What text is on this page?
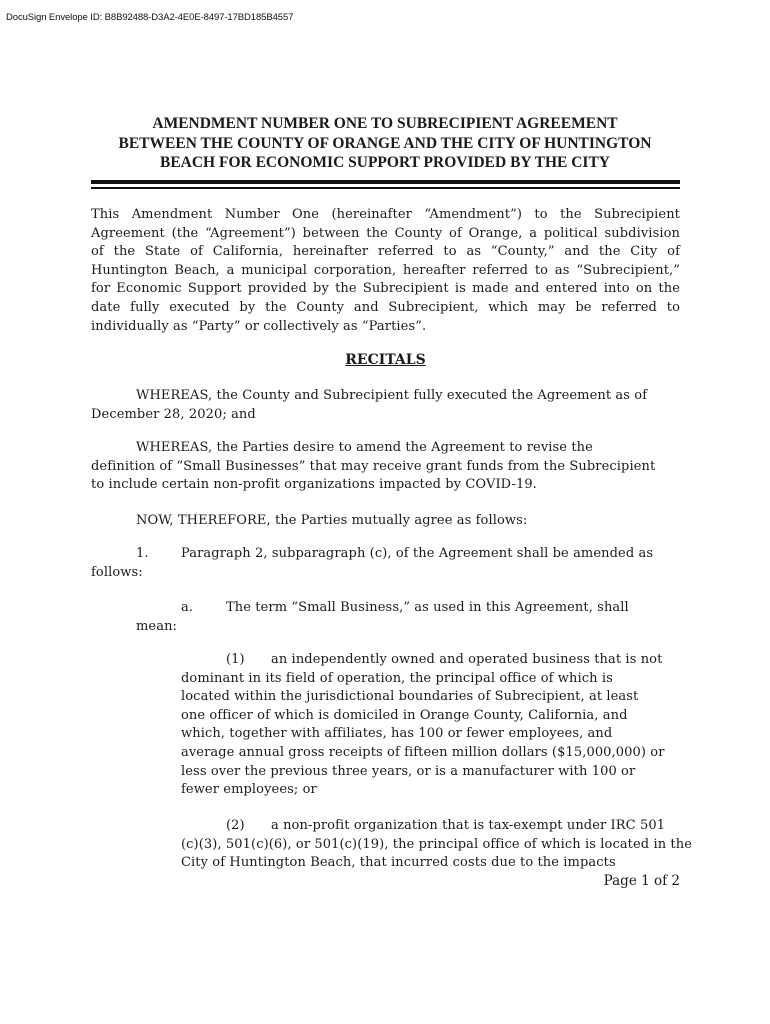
DocuSign Envelope ID: B8B92488-D3A2-4E0E-8497-17BD185B4557
AMENDMENT NUMBER ONE TO SUBRECIPIENT AGREEMENT
BETWEEN THE COUNTY OF ORANGE AND THE CITY OF HUNTINGTON
BEACH FOR ECONOMIC SUPPORT PROVIDED BY THE CITY
This Amendment Number One (hereinafter “Amendment”) to the Subrecipient
Agreement (the “Agreement”) between the County of Orange, a political subdivision
of the State of California, hereinafter referred to as “County,” and the City of
Huntington Beach, a municipal corporation, hereafter referred to as “Subrecipient,”
for Economic Support provided by the Subrecipient is made and entered into on the
date fully executed by the County and Subrecipient, which may be referred to
individually as “Party” or collectively as “Parties”.
RECITALS
WHEREAS, the County and Subrecipient fully executed the Agreement as of
December 28, 2020; and
WHEREAS, the Parties desire to amend the Agreement to revise the
definition of “Small Businesses” that may receive grant funds from the Subrecipient
to include certain non-profit organizations impacted by COVID-19.
NOW, THEREFORE, the Parties mutually agree as follows:
1. Paragraph 2, subparagraph (c), of the Agreement shall be amended as
follows:
a.	The term “Small Business,” as used in this Agreement, shall
mean:
(1) an independently owned and operated business that is not
dominant in its field of operation, the principal office of which is
located within the jurisdictional boundaries of Subrecipient, at least
one officer of which is domiciled in Orange County, California, and
which, together with affiliates, has 100 or fewer employees, and
average annual gross receipts of fifteen million dollars ($15,000,000) or
less over the previous three years, or is a manufacturer with 100 or
fewer employees; or
(2) a non-profit organization that is tax-exempt under IRC 501
(c)(3), 501(c)(6), or 501(c)(19), the principal office of which is located in the
City of Huntington Beach, that incurred costs due to the impacts
Page 1 of 2
